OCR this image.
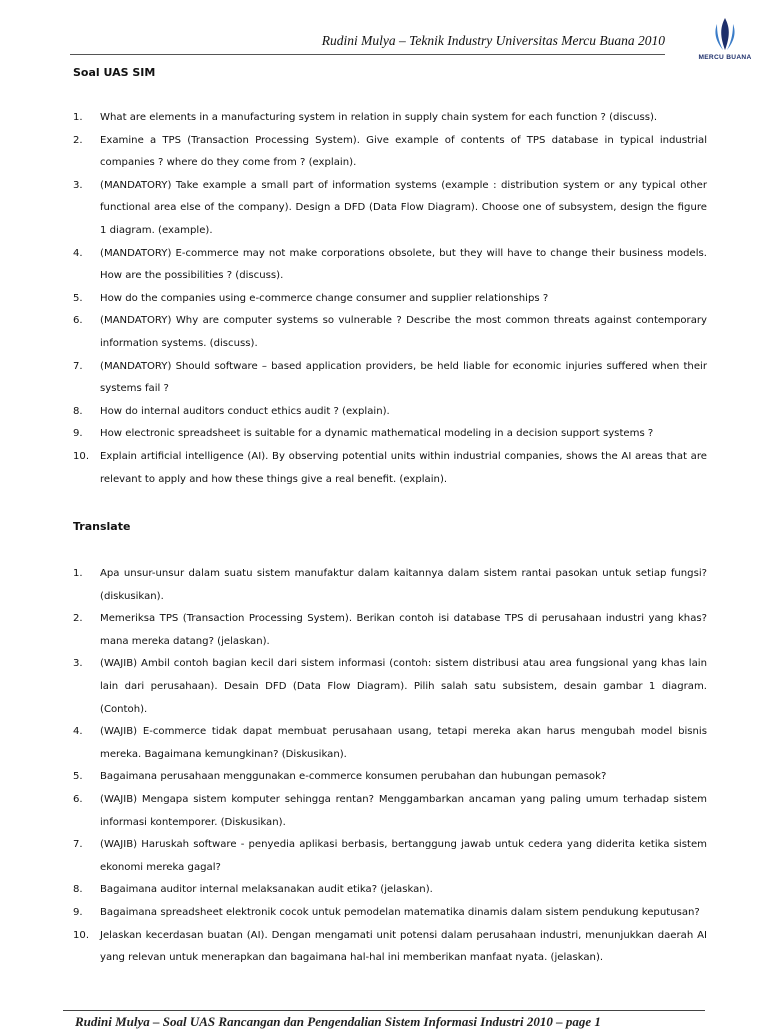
Rudini Mulya – Teknik Industry Universitas Mercu Buana 2010
MERCU BUANA
Soal UAS SIM
1. What are elements in a manufacturing system in relation in supply chain system for each function ? (discuss).
2. Examine a TPS (Transaction Processing System). Give example of contents of TPS database in typical industrial companies ? where do they come from ? (explain).
3. (MANDATORY) Take example a small part of information systems (example : distribution system or any typical other functional area else of the company). Design a DFD (Data Flow Diagram). Choose one of subsystem, design the figure 1 diagram. (example).
4. (MANDATORY) E-commerce may not make corporations obsolete, but they will have to change their business models. How are the possibilities ? (discuss).
5. How do the companies using e-commerce change consumer and supplier relationships ?
6. (MANDATORY) Why are computer systems so vulnerable ? Describe the most common threats against contemporary information systems. (discuss).
7. (MANDATORY) Should software – based application providers, be held liable for economic injuries suffered when their systems fail ?
8. How do internal auditors conduct ethics audit ? (explain).
9. How electronic spreadsheet is suitable for a dynamic mathematical modeling in a decision support systems ?
10. Explain artificial intelligence (AI). By observing potential units within industrial companies, shows the AI areas that are relevant to apply and how these things give a real benefit. (explain).
Translate
1. Apa unsur-unsur dalam suatu sistem manufaktur dalam kaitannya dalam sistem rantai pasokan untuk setiap fungsi? (diskusikan).
2. Memeriksa TPS (Transaction Processing System). Berikan contoh isi database TPS di perusahaan industri yang khas? mana mereka datang? (jelaskan).
3. (WAJIB) Ambil contoh bagian kecil dari sistem informasi (contoh: sistem distribusi atau area fungsional yang khas lain lain dari perusahaan). Desain DFD (Data Flow Diagram). Pilih salah satu subsistem, desain gambar 1 diagram. (Contoh).
4. (WAJIB) E-commerce tidak dapat membuat perusahaan usang, tetapi mereka akan harus mengubah model bisnis mereka. Bagaimana kemungkinan? (Diskusikan).
5. Bagaimana perusahaan menggunakan e-commerce konsumen perubahan dan hubungan pemasok?
6. (WAJIB) Mengapa sistem komputer sehingga rentan? Menggambarkan ancaman yang paling umum terhadap sistem informasi kontemporer. (Diskusikan).
7. (WAJIB) Haruskah software - penyedia aplikasi berbasis, bertanggung jawab untuk cedera yang diderita ketika sistem ekonomi mereka gagal?
8. Bagaimana auditor internal melaksanakan audit etika? (jelaskan).
9. Bagaimana spreadsheet elektronik cocok untuk pemodelan matematika dinamis dalam sistem pendukung keputusan?
10. Jelaskan kecerdasan buatan (AI). Dengan mengamati unit potensi dalam perusahaan industri, menunjukkan daerah AI yang relevan untuk menerapkan dan bagaimana hal-hal ini memberikan manfaat nyata. (jelaskan).
Rudini Mulya – Soal UAS Rancangan dan Pengendalian Sistem Informasi Industri 2010 – page 1
